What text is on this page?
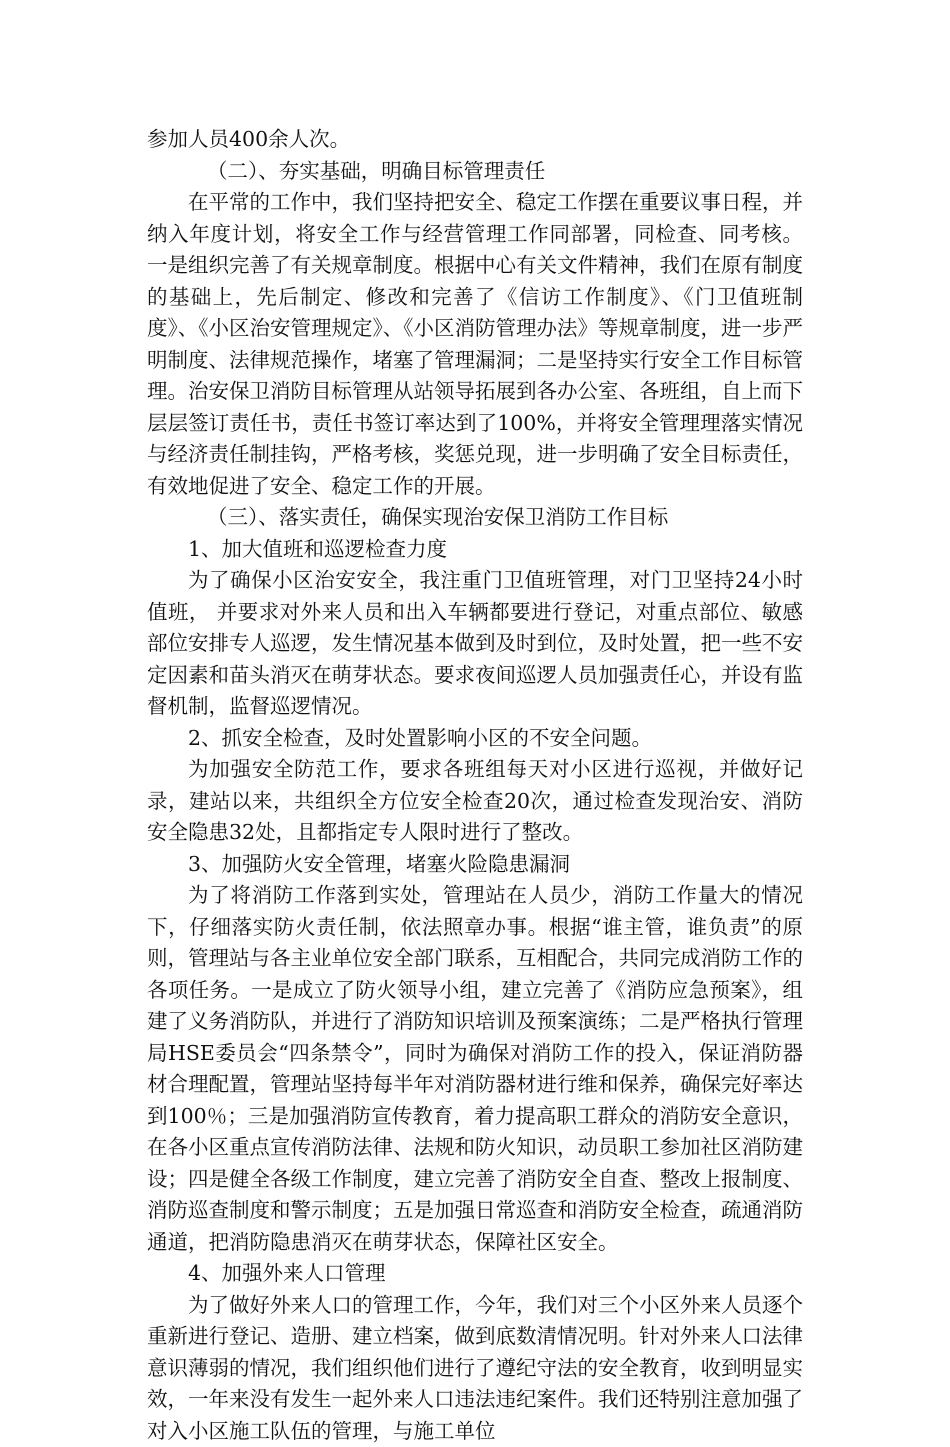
参加人员400余人次。

（二）、夯实基础，明确目标管理责任

在平常的工作中，我们坚持把安全、稳定工作摆在重要议事日程，并纳入年度计划，将安全工作与经营管理工作同部署，同检查、同考核。 一是组织完善了有关规章制度。根据中心有关文件精神，我们在原有制度的基础上，先后制定、修改和完善了《信访工作制度》、《门卫值班制度》、《小区治安管理规定》、《小区消防管理办法》等规章制度，进一步严明制度、法律规范操作，堵塞了管理漏洞；二是坚持实行安全工作目标管理。治安保卫消防目标管理从站领导拓展到各办公室、各班组，自上而下层层签订责任书，责任书签订率达到了100%，并将安全管理理落实情况与经济责任制挂钩，严格考核，奖惩兑现，进一步明确了安全目标责任，有效地促进了安全、稳定工作的开展。

（三）、落实责任，确保实现治安保卫消防工作目标

1、加大值班和巡逻检查力度

为了确保小区治安安全，我注重门卫值班管理，对门卫坚持24小时值班， 并要求对外来人员和出入车辆都要进行登记，对重点部位、敏感部位安排专人巡逻，发生情况基本做到及时到位，及时处置，把一些不安定因素和苗头消灭在萌芽状态。要求夜间巡逻人员加强责任心，并设有监督机制，监督巡逻情况。

2、抓安全检查，及时处置影响小区的不安全问题。

为加强安全防范工作，要求各班组每天对小区进行巡视，并做好记录，建站以来，共组织全方位安全检查20次，通过检查发现治安、消防安全隐患32处，且都指定专人限时进行了整改。

3、加强防火安全管理，堵塞火险隐患漏洞

为了将消防工作落到实处，管理站在人员少，消防工作量大的情况下，仔细落实防火责任制，依法照章办事。根据“谁主管，谁负责”的原则，管理站与各主业单位安全部门联系，互相配合，共同完成消防工作的各项任务。一是成立了防火领导小组，建立完善了《消防应急预案》，组建了义务消防队，并进行了消防知识培训及预案演练；二是严格执行管理局HSE委员会“四条禁令”，同时为确保对消防工作的投入，保证消防器材合理配置，管理站坚持每半年对消防器材进行维和保养，确保完好率达到100％；三是加强消防宣传教育，着力提高职工群众的消防安全意识，在各小区重点宣传消防法律、法规和防火知识，动员职工参加社区消防建设；四是健全各级工作制度，建立完善了消防安全自查、整改上报制度、消防巡查制度和警示制度；五是加强日常巡查和消防安全检查，疏通消防通道，把消防隐患消灭在萌芽状态，保障社区安全。

4、加强外来人口管理

为了做好外来人口的管理工作，今年，我们对三个小区外来人员逐个重新进行登记、造册、建立档案，做到底数清情况明。针对外来人口法律意识薄弱的情况，我们组织他们进行了遵纪守法的安全教育，收到明显实效，一年来没有发生一起外来人口违法违纪案件。我们还特别注意加强了对入小区施工队伍的管理，与施工单位
